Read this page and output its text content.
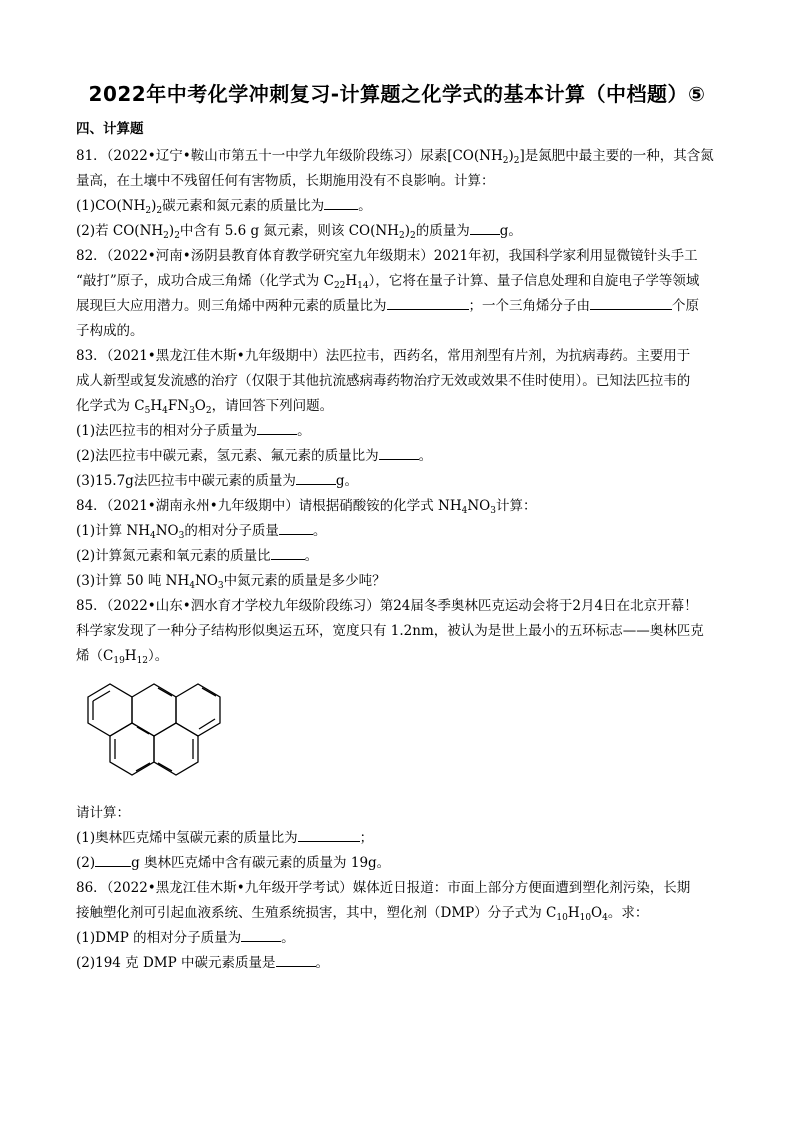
2022年中考化学冲刺复习-计算题之化学式的基本计算（中档题）⑤
四、计算题

81．（2022•辽宁•鞍山市第五十一中学九年级阶段练习）尿素$[CO(NH_2)_2]$是氮肥中最主要的一种，其含氮

量高，在土壤中不残留任何有害物质，长期施用没有不良影响。计算：

$(1)CO(NH_2)_2$碳元素和氮元素的质量比为	。

(2)若 $CO(NH_2)_2$中含有 5.6 g 氮元素，则该 $CO(NH_2)_2$的质量为 g。

82．（2022•河南•汤阴县教育体育教学研究室九年级期末）2021年初，我国科学家利用显微镜针头手工

“敲打”原子，成功合成三角烯（化学式为 $C_{22}H_{14}$），它将在量子计算、量子信息处理和自旋电子学等领域

展现巨大应用潜力。则三角烯中两种元素的质量比为	；一个三角烯分子由	个原

子构成的。

83．（2021•黑龙江佳木斯•九年级期中）法匹拉韦，西药名，常用剂型有片剂，为抗病毒药。主要用于

成人新型或复发流感的治疗（仅限于其他抗流感病毒药物治疗无效或效果不佳时使用）。已知法匹拉韦的

化学式为 $C_5H_4FN_3O_2$，请回答下列问题。

(1)法匹拉韦的相对分子质量为	。

(2)法匹拉韦中碳元素，氢元素、氟元素的质量比为	。

(3)15.7g法匹拉韦中碳元素的质量为	g。

84．（2021•湖南永州•九年级期中）请根据硝酸铵的化学式 $NH_4NO_3$计算：

(1)计算 $NH_4NO_3$的相对分子质量	。

(2)计算氮元素和氧元素的质量比	。

(3)计算 50 吨 $NH_4NO_3$中氮元素的质量是多少吨？

85．（2022•山东•泗水育才学校九年级阶段练习）第24届冬季奥林匹克运动会将于2月4日在北京开幕！

科学家发现了一种分子结构形似奥运五环，宽度只有 1.2nm，被认为是世上最小的五环标志——奥林匹克

烯$(C_{19}H_{12})$。

请计算：

(1)奥林匹克烯中氢碳元素的质量比为	；

(2)	g 奥林匹克烯中含有碳元素的质量为 19g。

86．（2022•黑龙江佳木斯•九年级开学考试）媒体近日报道：市面上部分方便面遭到塑化剂污染，长期

接触塑化剂可引起血液系统、生殖系统损害，其中，塑化剂（DMP）分子式为 $C_{10}H_{10}O_4$。求：

(1)DMP 的相对分子质量为	。

(2)194 克 DMP 中碳元素质量是	。
